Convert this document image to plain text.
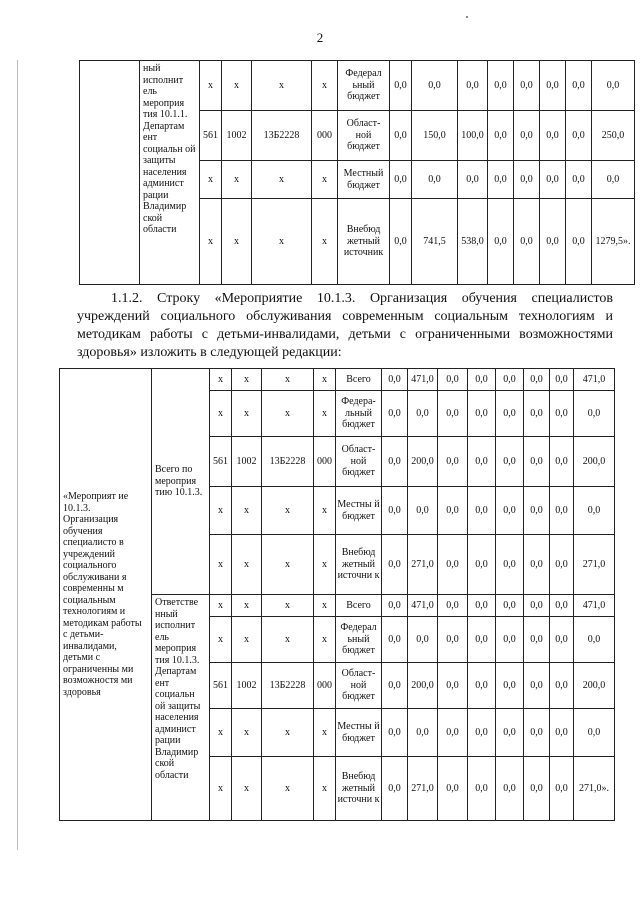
2
	ный исполнит ель мероприя тия 10.1.1. Департам ент социальн ой защиты населения админист рации Владимир ской области	x	x	x	x	Федерал ьный бюджет	0,0	0,0	0,0	0,0	0,0	0,0	0,0	0,0
		561	1002	13Б2228	000	Област- ной бюджет	0,0	150,0	100,0	0,0	0,0	0,0	0,0	250,0
		x	x	x	x	Местный бюджет	0,0	0,0	0,0	0,0	0,0	0,0	0,0	0,0
		x	x	x	x	Внебюд жетный источник	0,0	741,5	538,0	0,0	0,0	0,0	0,0	1279,5».
1.1.2. Строку «Мероприятие 10.1.3. Организация обучения специалистов учреждений социального обслуживания современным социальным технологиям и методикам работы с детьми-инвалидами, детьми с ограниченными возможностями здоровья» изложить в следующей редакции:
«Мероприят ие 10.1.3. Организация обучения специалисто в учреждений социального обслуживани я современны м социальным технологиям и методикам работы с детьми-инвалидами, детьми с ограниченны ми возможностя ми здоровья	Всего по мероприя тию 10.1.3.	x	x	x	x	Всего	0,0	471,0	0,0	0,0	0,0	0,0	0,0	471,0
		x	x	x	x	Федера- льный бюджет	0,0	0,0	0,0	0,0	0,0	0,0	0,0	0,0
		561	1002	13Б2228	000	Област- ной бюджет	0,0	200,0	0,0	0,0	0,0	0,0	0,0	200,0
		x	x	x	x	Местны й бюджет	0,0	0,0	0,0	0,0	0,0	0,0	0,0	0,0
		x	x	x	x	Внебюд жетный источни к	0,0	271,0	0,0	0,0	0,0	0,0	0,0	271,0
	Ответстве нный исполнит ель мероприя тия 10.1.3. Департам ент социальн ой защиты населения админист рации Владимир ской области	x	x	x	x	Всего	0,0	471,0	0,0	0,0	0,0	0,0	0,0	471,0
		x	x	x	x	Федерал ьный бюджет	0,0	0,0	0,0	0,0	0,0	0,0	0,0	0,0
		561	1002	13Б2228	000	Област- ной бюджет	0,0	200,0	0,0	0,0	0,0	0,0	0,0	200,0
		x	x	x	x	Местны й бюджет	0,0	0,0	0,0	0,0	0,0	0,0	0,0	0,0
		x	x	x	x	Внебюд жетный источни к	0,0	271,0	0,0	0,0	0,0	0,0	0,0	271,0».
